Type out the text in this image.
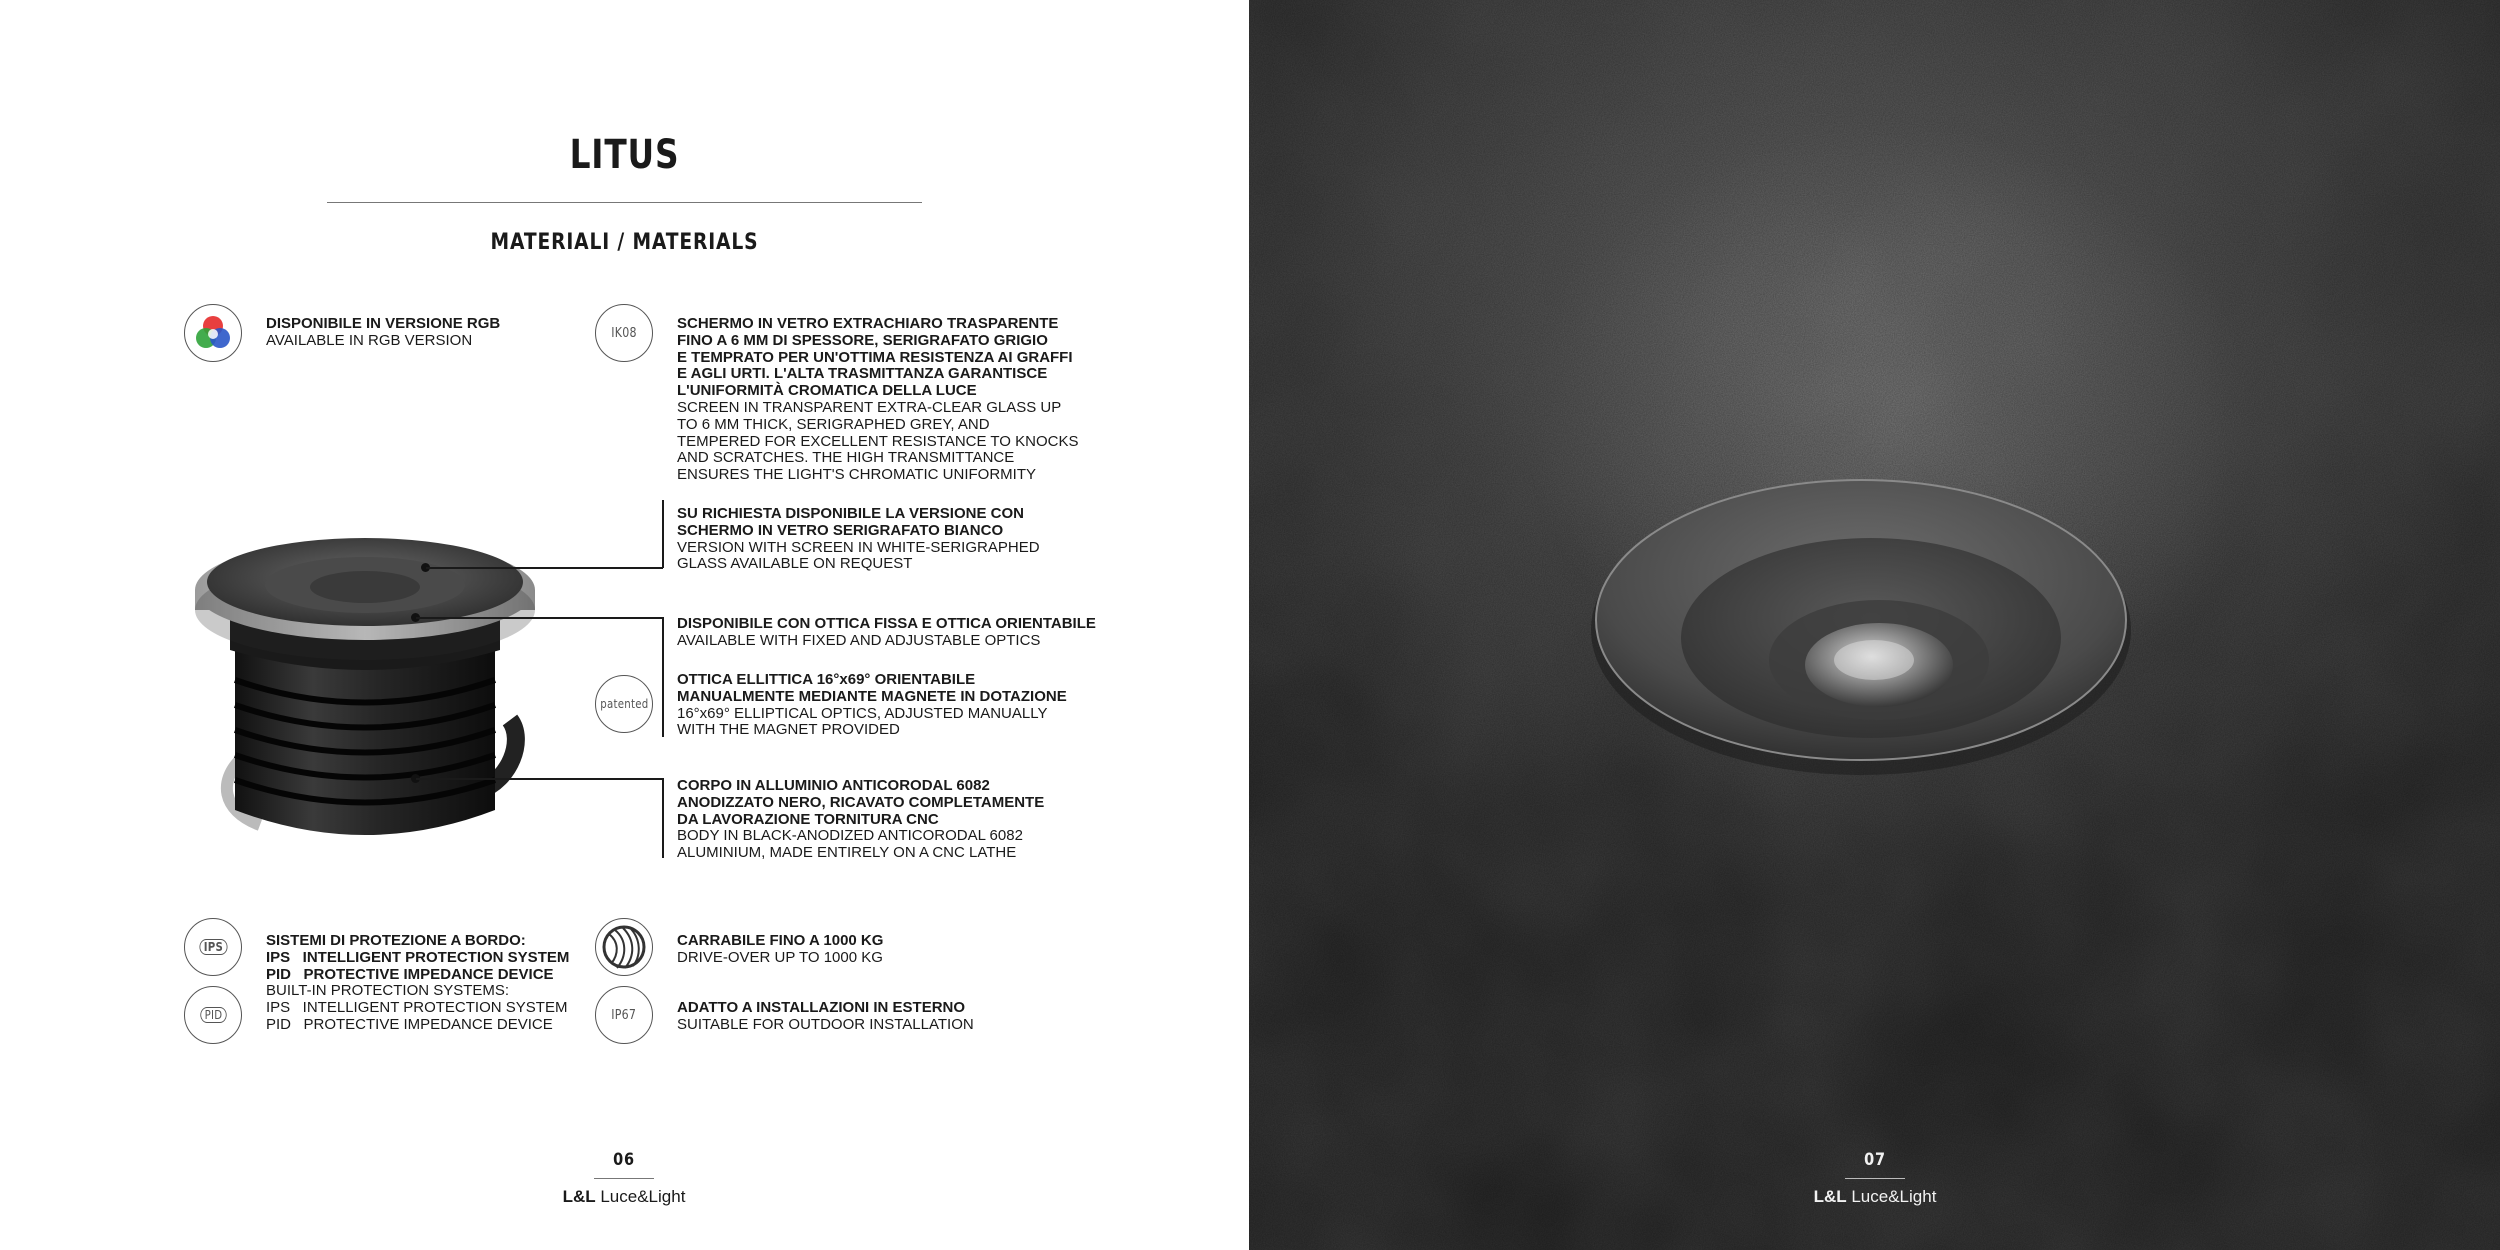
LITUS
MATERIALI / MATERIALS
DISPONIBILE IN VERSIONE RGB
AVAILABLE IN RGB VERSION	IK08
SCHERMO IN VETRO EXTRACHIARO TRASPARENTE
FINO A 6 MM DI SPESSORE, SERIGRAFATO GRIGIO
E TEMPRATO PER UN'OTTIMA RESISTENZA AI GRAFFI
E AGLI URTI. L'ALTA TRASMITTANZA GARANTISCE
L'UNIFORMITÀ CROMATICA DELLA LUCE
SCREEN IN TRANSPARENT EXTRA-CLEAR GLASS UP
TO 6 MM THICK, SERIGRAPHED GREY, AND
TEMPERED FOR EXCELLENT RESISTANCE TO KNOCKS
AND SCRATCHES. THE HIGH TRANSMITTANCE
ENSURES THE LIGHT'S CHROMATIC UNIFORMITY
SU RICHIESTA DISPONIBILE LA VERSIONE CON
SCHERMO IN VETRO SERIGRAFATO BIANCO
VERSION WITH SCREEN IN WHITE-SERIGRAPHED
GLASS AVAILABLE ON REQUEST
DISPONIBILE CON OTTICA FISSA E OTTICA ORIENTABILE
AVAILABLE WITH FIXED AND ADJUSTABLE OPTICS
patented
OTTICA ELLITTICA 16°x69° ORIENTABILE
MANUALMENTE MEDIANTE MAGNETE IN DOTAZIONE
16°x69° ELLIPTICAL OPTICS, ADJUSTED MANUALLY
WITH THE MAGNET PROVIDED
CORPO IN ALLUMINIO ANTICORODAL 6082
ANODIZZATO NERO, RICAVATO COMPLETAMENTE
DA LAVORAZIONE TORNITURA CNC
BODY IN BLACK-ANODIZED ANTICORODAL 6082
ALUMINIUM, MADE ENTIRELY ON A CNC LATHE
IPS
PID
SISTEMI DI PROTEZIONE A BORDO:
IPS   INTELLIGENT PROTECTION SYSTEM
PID   PROTECTIVE IMPEDANCE DEVICE
BUILT-IN PROTECTION SYSTEMS:
IPS   INTELLIGENT PROTECTION SYSTEM
PID   PROTECTIVE IMPEDANCE DEVICE
CARRABILE FINO A 1000 KG
DRIVE-OVER UP TO 1000 KG
IP67	ADATTO A INSTALLAZIONI IN ESTERNO
SUITABLE FOR OUTDOOR INSTALLATION
06
L&L Luce&Light
07
L&L Luce&Light
